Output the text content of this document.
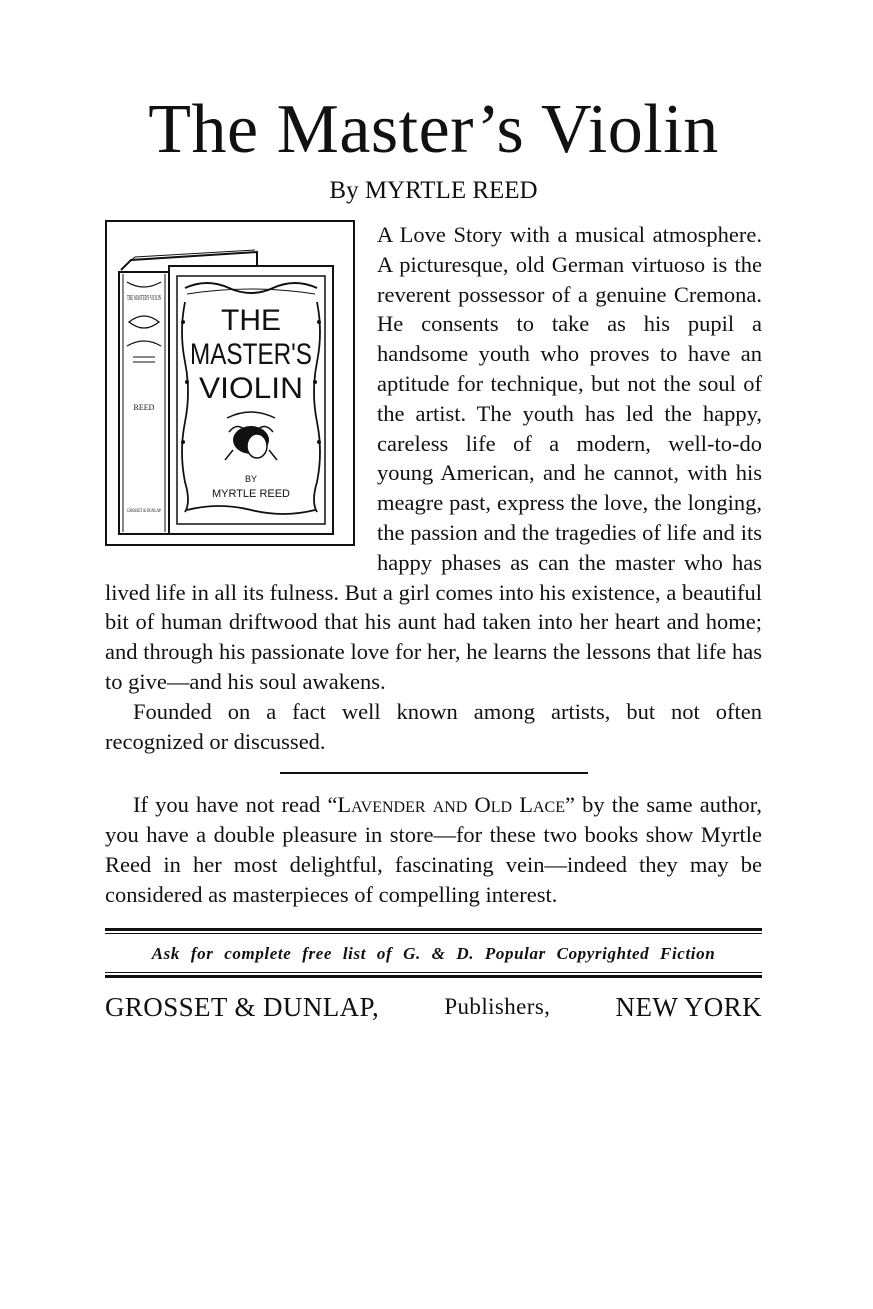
The Master’s Violin
By MYRTLE REED
THE MASTER'S VIOLIN
REED
GROSSET & DUNLAP
THE
MASTER'S
VIOLIN
BY
MYRTLE REED

A Love Story with a musical atmosphere. A picturesque, old German virtuoso is the reverent possessor of a genuine Cremona. He consents to take as his pupil a handsome youth who proves to have an aptitude for technique, but not the soul of the artist. The youth has led the happy, careless life of a modern, well-to-do young American, and he cannot, with his meagre past, express the love, the longing, the passion and the tragedies of life and its happy phases as can the master who has lived life in all its fulness. But a girl comes into his existence, a beautiful bit of human driftwood that his aunt had taken into her heart and home; and through his passionate love for her, he learns the lessons that life has to give—and his soul awakens.

Founded on a fact well known among artists, but not often recognized or discussed.

If you have not read “Lavender and Old Lace” by the same author, you have a double pleasure in store—for these two books show Myrtle Reed in her most delightful, fascinating vein—indeed they may be considered as masterpieces of compelling interest.

Ask for complete free list of G. & D. Popular Copyrighted Fiction
GROSSET & DUNLAP,	Publishers, NEW YORK
